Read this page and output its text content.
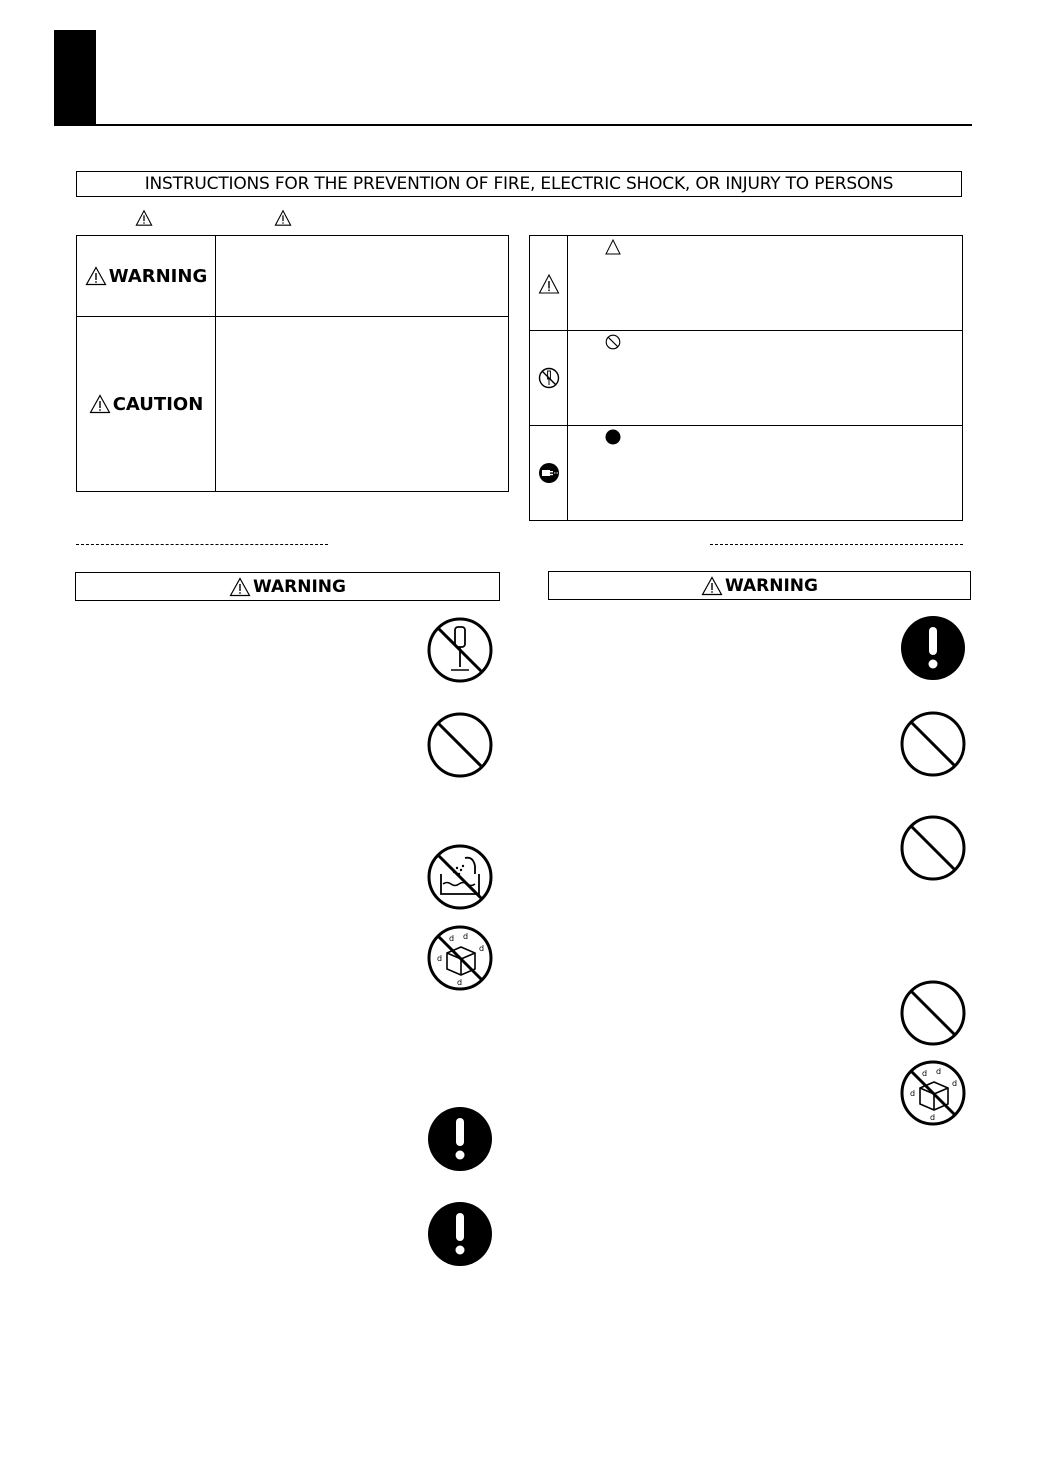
INSTRUCTIONS FOR THE PREVENTION OF FIRE, ELECTRIC SHOCK, OR INJURY TO PERSONS
WARNING
CAUTION
WARNING	WARNING
d d
d
d
d
d d
d
d
d
